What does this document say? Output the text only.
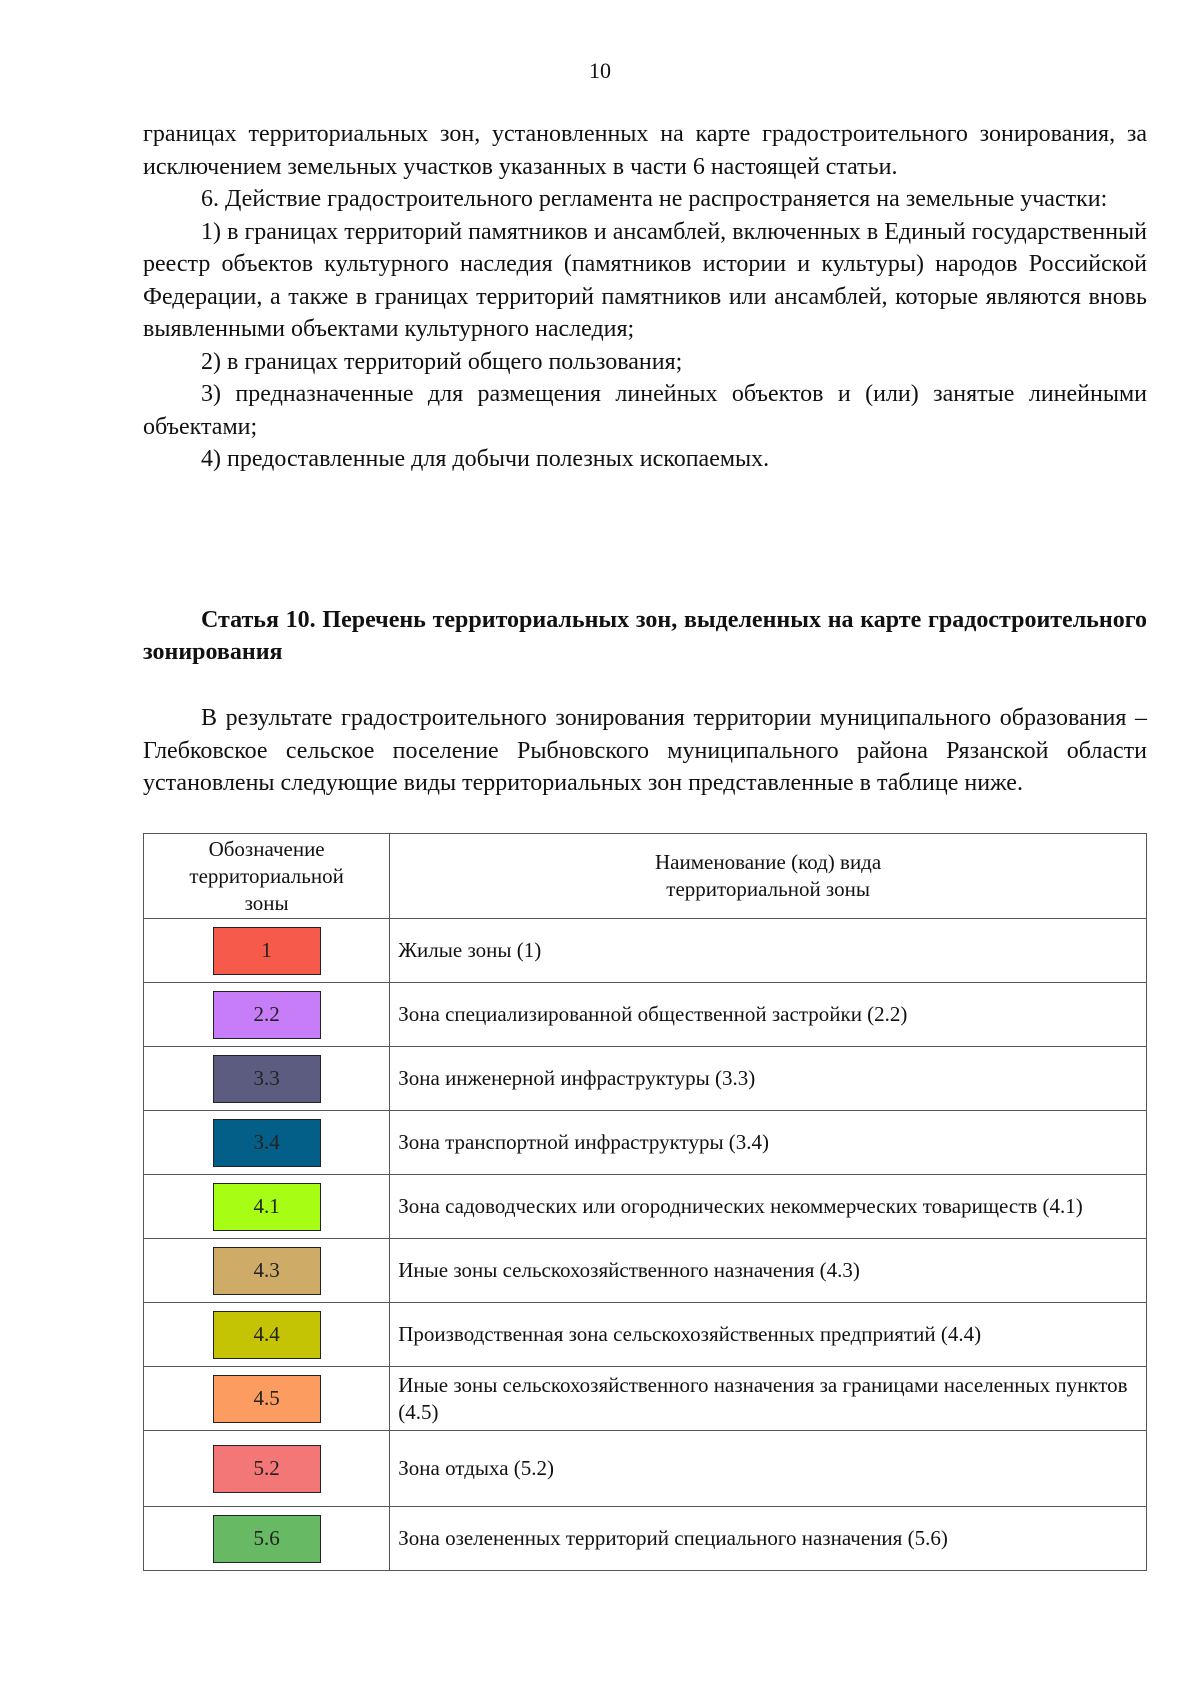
10

границах территориальных зон, установленных на карте градостроительного зонирования, за исключением земельных участков указанных в части 6 настоящей статьи.

6. Действие градостроительного регламента не распространяется на земельные участки:

1) в границах территорий памятников и ансамблей, включенных в Единый государственный реестр объектов культурного наследия (памятников истории и культуры) народов Российской Федерации, а также в границах территорий памятников или ансамблей, которые являются вновь выявленными объектами культурного наследия;

2) в границах территорий общего пользования;

3) предназначенные для размещения линейных объектов и (или) занятые линейными объектами;

4) предоставленные для добычи полезных ископаемых.

Статья 10. Перечень территориальных зон, выделенных на карте градостроительного зонирования

В результате градостроительного зонирования территории муниципального образования – Глебковское сельское поселение Рыбновского муниципального района Рязанской области установлены следующие виды территориальных зон представленные в таблице ниже.

Обозначение территориальной зоны	Наименование (код) вида территориальной зоны
1	Жилые зоны (1)
2.2	Зона специализированной общественной застройки (2.2)
3.3	Зона инженерной инфраструктуры (3.3)
3.4	Зона транспортной инфраструктуры (3.4)
4.1	Зона садоводческих или огороднических некоммерческих товариществ (4.1)
4.3	Иные зоны сельскохозяйственного назначения (4.3)
4.4	Производственная зона сельскохозяйственных предприятий (4.4)
4.5	Иные зоны сельскохозяйственного назначения за границами населенных пунктов (4.5)
5.2	Зона отдыха (5.2)
5.6	Зона озелененных территорий специального назначения (5.6)
